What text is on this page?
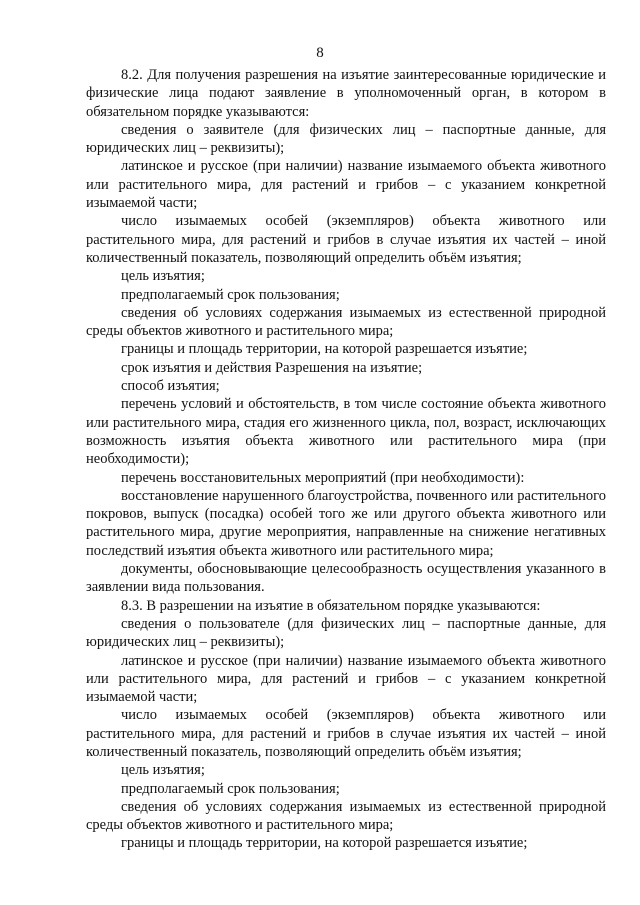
8

8.2. Для получения разрешения на изъятие заинтересованные юридические и физические лица подают заявление в уполномоченный орган, в котором в обязательном порядке указываются:

сведения о заявителе (для физических лиц – паспортные данные, для юридических лиц – реквизиты);

латинское и русское (при наличии) название изымаемого объекта животного или растительного мира, для растений и грибов – с указанием конкретной изымаемой части;

число изымаемых особей (экземпляров) объекта животного или растительного мира, для растений и грибов в случае изъятия их частей – иной количественный показатель, позволяющий определить объём изъятия;

цель изъятия;

предполагаемый срок пользования;

сведения об условиях содержания изымаемых из естественной природной среды объектов животного и растительного мира;

границы и площадь территории, на которой разрешается изъятие;

срок изъятия и действия Разрешения на изъятие;

способ изъятия;

перечень условий и обстоятельств, в том числе состояние объекта животного или растительного мира, стадия его жизненного цикла, пол, возраст, исключающих возможность изъятия объекта животного или растительного мира (при необходимости);

перечень восстановительных мероприятий (при необходимости):

восстановление нарушенного благоустройства, почвенного или растительного покровов, выпуск (посадка) особей того же или другого объекта животного или растительного мира, другие мероприятия, направленные на снижение негативных последствий изъятия объекта животного или растительного мира;

документы, обосновывающие целесообразность осуществления указанного в заявлении вида пользования.

8.3. В разрешении на изъятие в обязательном порядке указываются:

сведения о пользователе (для физических лиц – паспортные данные, для юридических лиц – реквизиты);

латинское и русское (при наличии) название изымаемого объекта животного или растительного мира, для растений и грибов – с указанием конкретной изымаемой части;

число изымаемых особей (экземпляров) объекта животного или растительного мира, для растений и грибов в случае изъятия их частей – иной количественный показатель, позволяющий определить объём изъятия;

цель изъятия;

предполагаемый срок пользования;

сведения об условиях содержания изымаемых из естественной природной среды объектов животного и растительного мира;

границы и площадь территории, на которой разрешается изъятие;
